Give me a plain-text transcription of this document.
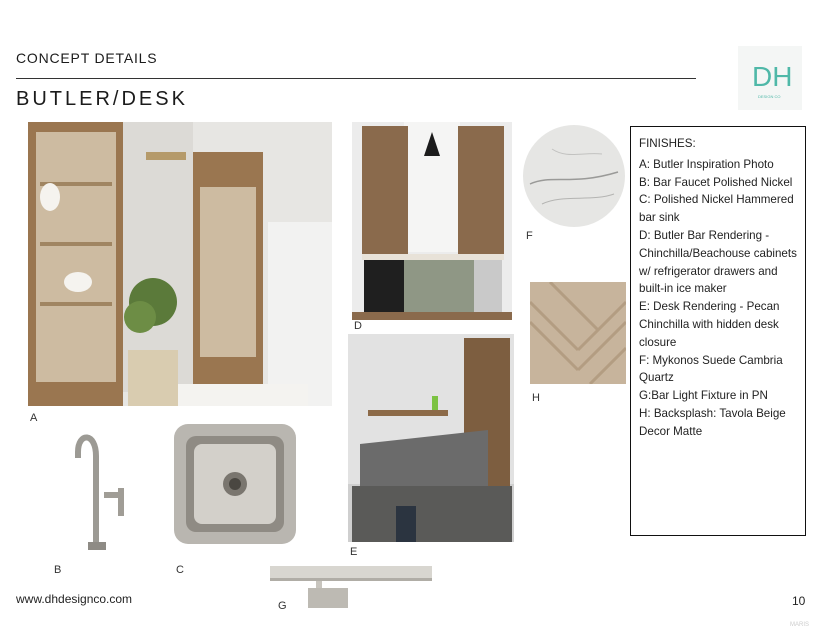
CONCEPT DETAILS
BUTLER/DESK
DH
DESIGN CO
A
D
F
H
E
B	C
G
FINISHES:
A: Butler Inspiration Photo
B: Bar Faucet Polished Nickel
C: Polished Nickel Hammered bar sink
D: Butler Bar Rendering - Chinchilla/Beachouse cabinets w/ refrigerator drawers and built-in ice maker
E: Desk Rendering - Pecan Chinchilla with hidden desk closure
F: Mykonos Suede Cambria Quartz
G:Bar Light Fixture in PN
H: Backsplash: Tavola Beige Decor Matte
www.dhdesignco.com	10
MARIS
